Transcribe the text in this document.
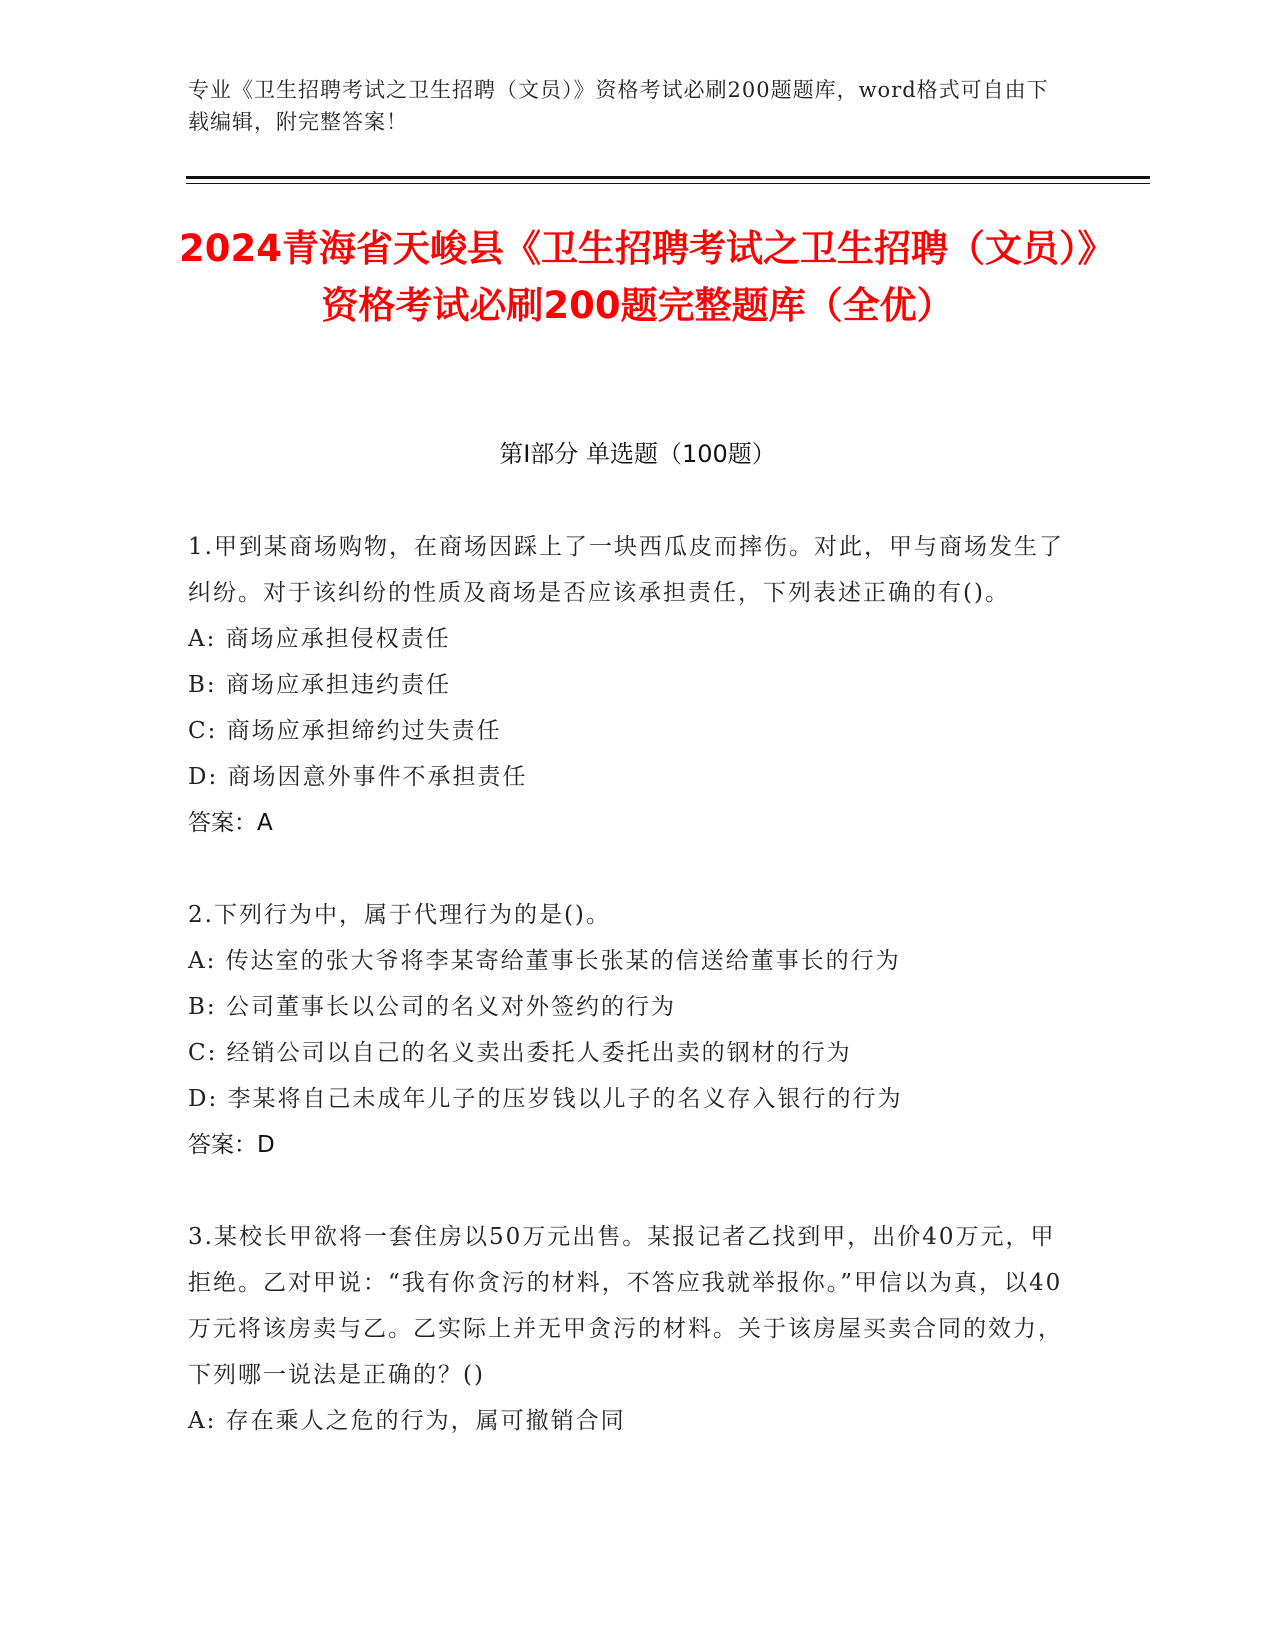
专业《卫生招聘考试之卫生招聘（文员）》资格考试必刷200题题库，word格式可自由下载编辑，附完整答案！
2024青海省天峻县《卫生招聘考试之卫生招聘（文员）》资格考试必刷200题完整题库（全优）
第I部分 单选题（100题）
1.甲到某商场购物，在商场因踩上了一块西瓜皮而摔伤。对此，甲与商场发生了纠纷。对于该纠纷的性质及商场是否应该承担责任，下列表述正确的有()。
A: 商场应承担侵权责任
B: 商场应承担违约责任
C: 商场应承担缔约过失责任
D: 商场因意外事件不承担责任
答案：A
2.下列行为中，属于代理行为的是()。
A: 传达室的张大爷将李某寄给董事长张某的信送给董事长的行为
B: 公司董事长以公司的名义对外签约的行为
C: 经销公司以自己的名义卖出委托人委托出卖的钢材的行为
D: 李某将自己未成年儿子的压岁钱以儿子的名义存入银行的行为
答案：D
3.某校长甲欲将一套住房以50万元出售。某报记者乙找到甲，出价40万元，甲拒绝。乙对甲说：“我有你贪污的材料，不答应我就举报你。”甲信以为真，以40万元将该房卖与乙。乙实际上并无甲贪污的材料。关于该房屋买卖合同的效力，下列哪一说法是正确的？()
A: 存在乘人之危的行为，属可撤销合同
